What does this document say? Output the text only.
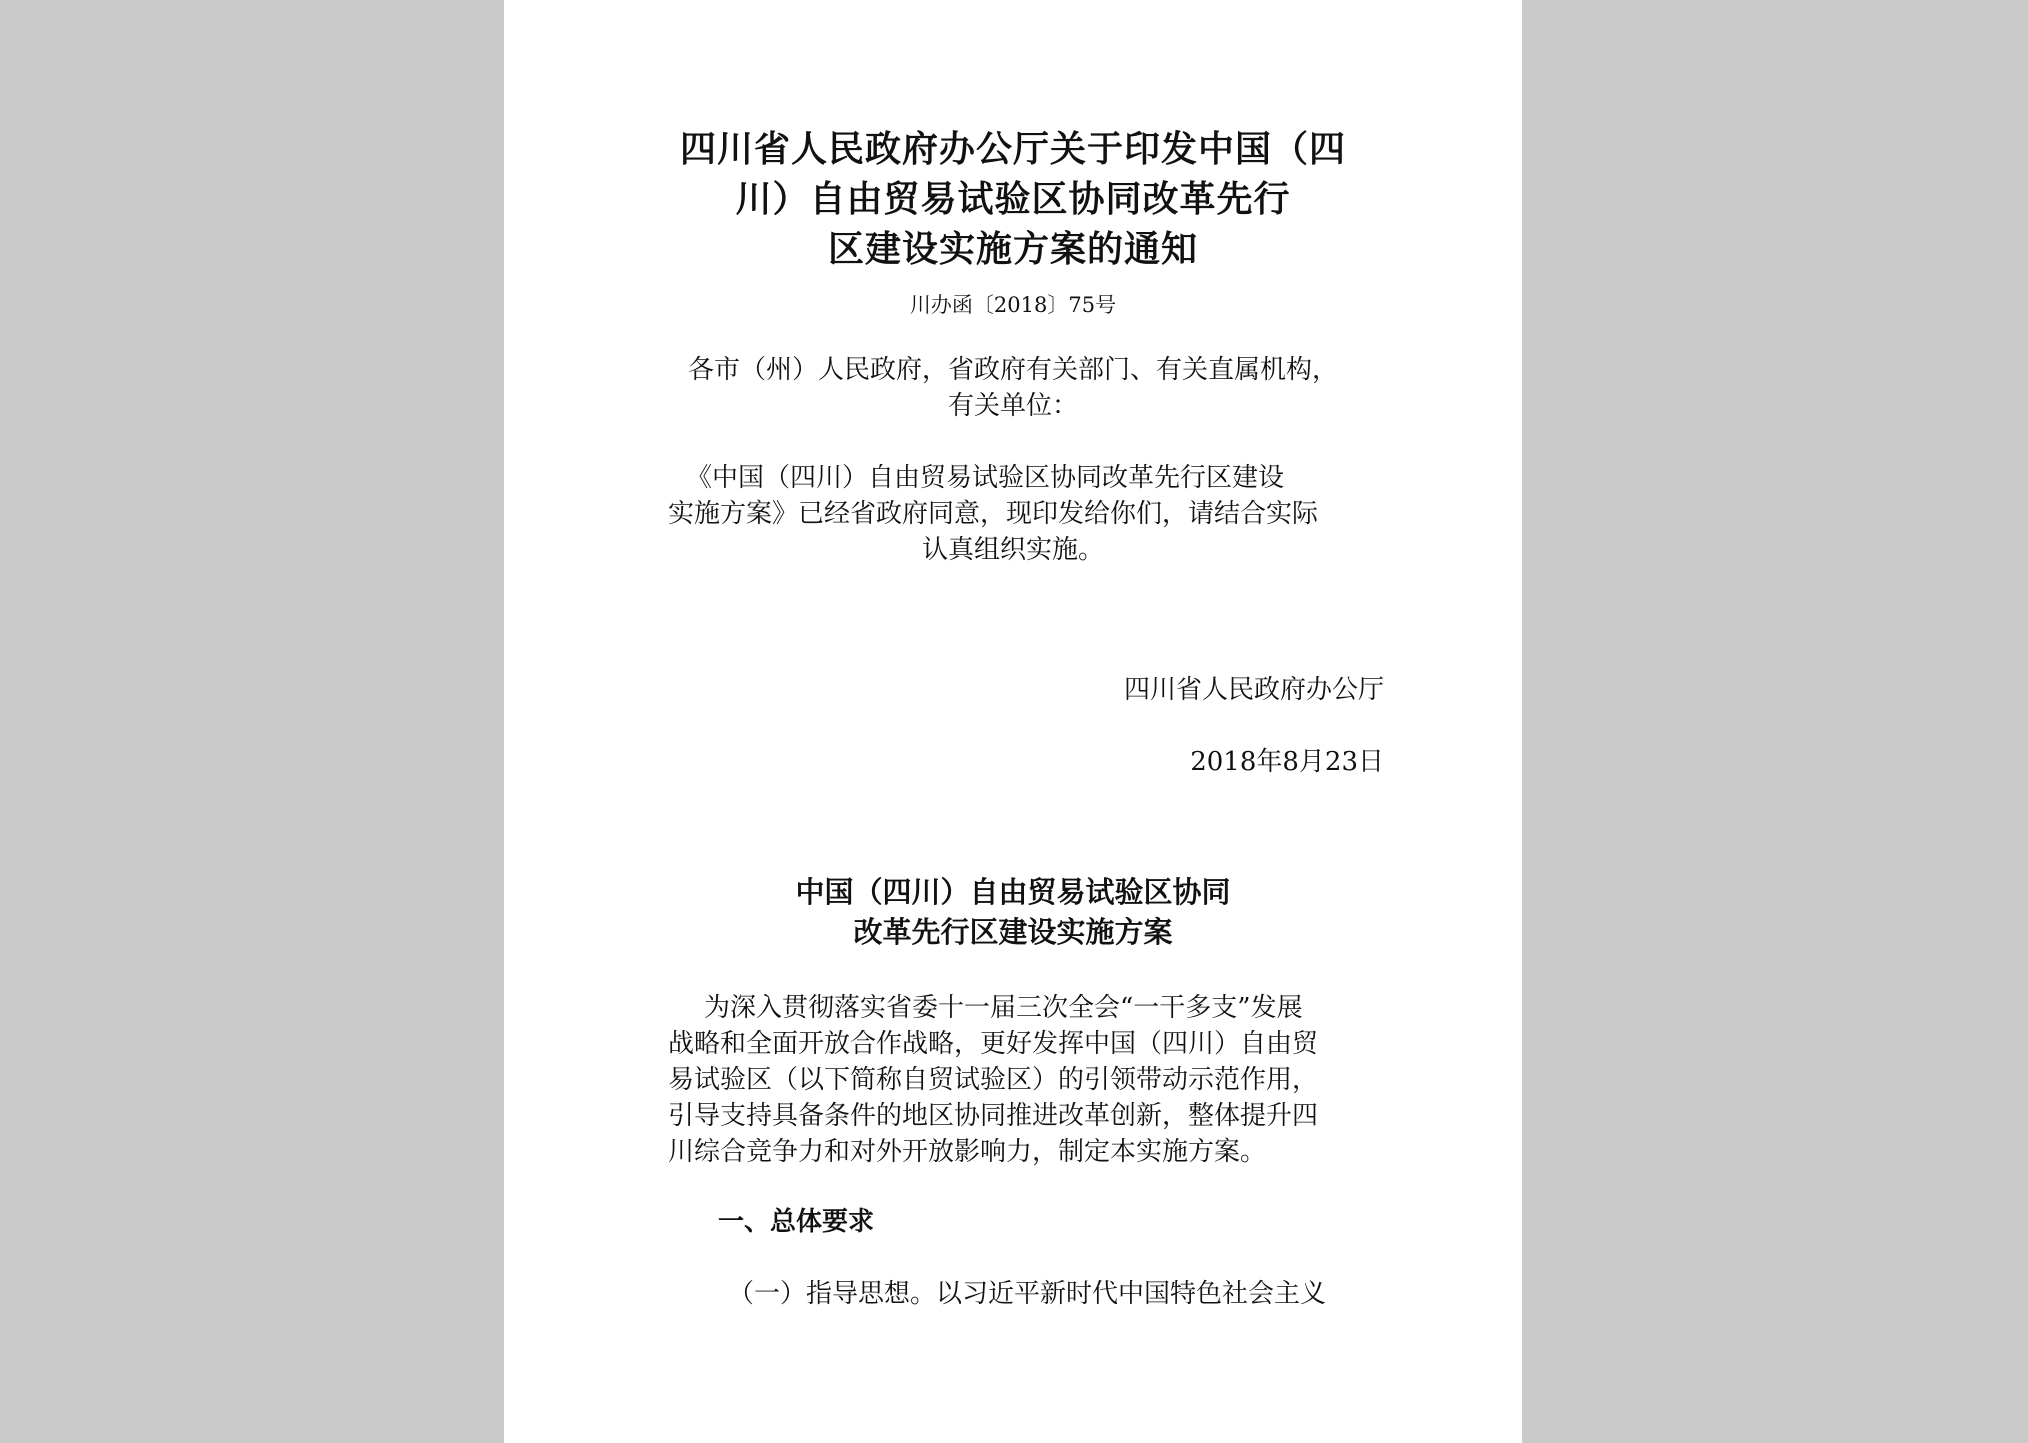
四川省人民政府办公厅关于印发中国（四
川）自由贸易试验区协同改革先行
区建设实施方案的通知
川办函〔2018〕75号
各市（州）人民政府，省政府有关部门、有关直属机构，
有关单位：
《中国（四川）自由贸易试验区协同改革先行区建设
实施方案》已经省政府同意，现印发给你们，请结合实际
认真组织实施。
四川省人民政府办公厅
2018年8月23日
中国（四川）自由贸易试验区协同
改革先行区建设实施方案
为深入贯彻落实省委十一届三次全会“一干多支”发展
战略和全面开放合作战略，更好发挥中国（四川）自由贸
易试验区（以下简称自贸试验区）的引领带动示范作用，
引导支持具备条件的地区协同推进改革创新，整体提升四
川综合竞争力和对外开放影响力，制定本实施方案。
一、总体要求
（一）指导思想。以习近平新时代中国特色社会主义
